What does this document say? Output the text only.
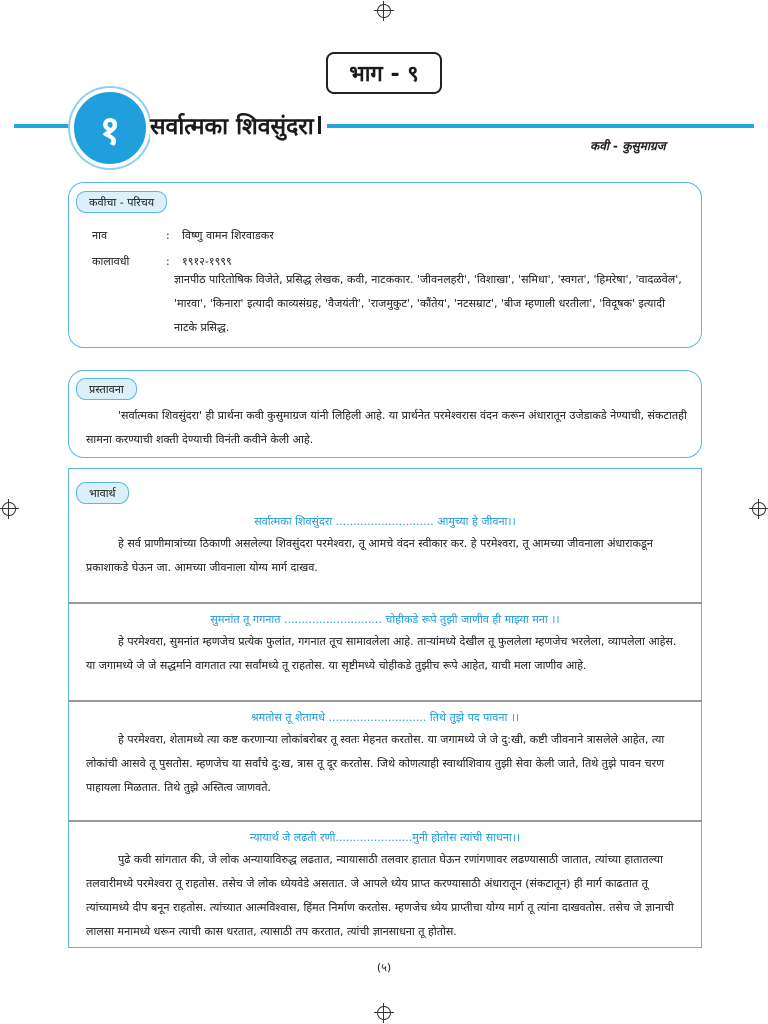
भाग - ९
१	सर्वात्मका शिवसुंदरा
कवी - कुसुमाग्रज
कवीचा - परिचय
नाव	: विष्णु वामन शिरवाडकर
कालावधी	: १९१२-१९९९
ज्ञानपीठ पारितोषिक विजेते, प्रसिद्ध लेखक, कवी, नाटककार. 'जीवनलहरी', 'विशाखा', 'समिधा', 'स्वगत', 'हिमरेषा', 'वादळवेल', 'मारवा', 'किनारा' इत्यादी काव्यसंग्रह, 'वैजयंती', 'राजमुकुट', 'कौंतेय', 'नटसम्राट', 'बीज म्हणाली धरतीला', 'विदूषक' इत्यादी नाटके प्रसिद्ध.
प्रस्तावना
'सर्वात्मका शिवसुंदरा' ही प्रार्थना कवी कुसुमाग्रज यांनी लिहिली आहे. या प्रार्थनेत परमेश्वरास वंदन करून अंधारातून उजेडाकडे नेण्याची, संकटातही सामना करण्याची शक्ती देण्याची विनंती कवीने केली आहे.
भावार्थ
सर्वात्मका शिवसुंदरा ............................ आमुच्या हे जीवना।।
हे सर्व प्राणीमात्रांच्या ठिकाणी असलेल्या शिवसुंदरा परमेश्वरा, तू आमचे वंदन स्वीकार कर. हे परमेश्वरा, तू आमच्या जीवनाला अंधाराकडून प्रकाशाकडे घेऊन जा. आमच्या जीवनाला योग्य मार्ग दाखव.
सुमनांत तू गगनात ............................ चोहीकडे रूपे तुझी जाणीव ही माझ्या मना ।।
हे परमेश्वरा, सुमनांत म्हणजेच प्रत्येक फुलांत, गगनात तूच सामावलेला आहे. ताऱ्यांमध्ये देखील तू फुललेला म्हणजेच भरलेला, व्यापलेला आहेस. या जगामध्ये जे जे सद्धर्माने वागतात त्या सर्वांमध्ये तू राहतोस. या सृष्टीमध्ये चोहीकडे तुझीच रूपे आहेत, याची मला जाणीव आहे.
श्रमतोस तू शेतामधे ............................ तिथे तुझे पद पावना ।।
हे परमेश्वरा, शेतामध्ये त्या कष्ट करणाऱ्या लोकांबरोबर तू स्वतः मेहनत करतोस. या जगामध्ये जे जे दु:खी, कष्टी जीवनाने त्रासलेले आहेत, त्या लोकांची आसवे तू पुसतोस. म्हणजेच या सर्वांचे दु:ख, त्रास तू दूर करतोस. जिथे कोणत्याही स्वार्थाशिवाय तुझी सेवा केली जाते, तिथे तुझे पावन चरण पाहायला मिळतात. तिथे तुझे अस्तित्व जाणवते.
न्यायार्थ जे लढती रणी......................मुनी होतोस त्यांची साधना।।
पुढे कवी सांगतात की, जे लोक अन्यायाविरुद्ध लढतात, न्यायासाठी तलवार हातात घेऊन रणांगणावर लढण्यासाठी जातात, त्यांच्या हातातल्या तलवारीमध्ये परमेश्वरा तू राहतोस. तसेच जे लोक ध्येयवेडे असतात. जे आपले ध्येय प्राप्त करण्यासाठी अंधारातून (संकटातून) ही मार्ग काढतात तू त्यांच्यामध्ये दीप बनून राहतोस. त्यांच्यात आत्मविश्वास, हिंमत निर्माण करतोस. म्हणजेच ध्येय प्राप्तीचा योग्य मार्ग तू त्यांना दाखवतोस. तसेच जे ज्ञानाची लालसा मनामध्ये धरून त्याची कास धरतात, त्यासाठी तप करतात, त्यांची ज्ञानसाधना तू होतोस.
(५)
